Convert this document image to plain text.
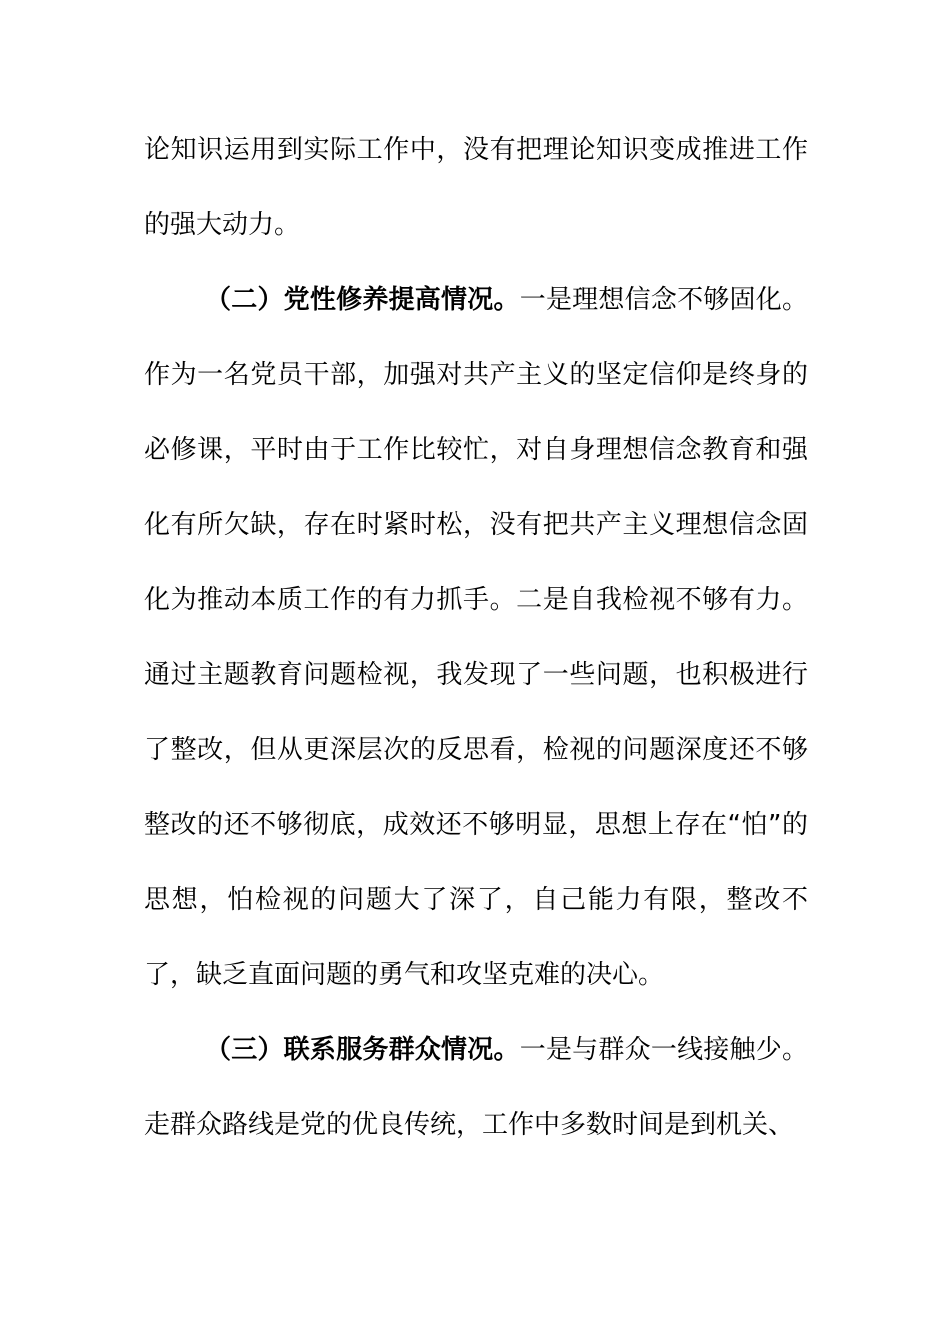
论知识运用到实际工作中，没有把理论知识变成推进工作的强大动力。

（二）党性修养提高情况。一是理想信念不够固化。作为一名党员干部，加强对共产主义的坚定信仰是终身的必修课，平时由于工作比较忙，对自身理想信念教育和强化有所欠缺，存在时紧时松，没有把共产主义理想信念固化为推动本质工作的有力抓手。二是自我检视不够有力。通过主题教育问题检视，我发现了一些问题，也积极进行了整改，但从更深层次的反思看，检视的问题深度还不够整改的还不够彻底，成效还不够明显，思想上存在“怕”的思想，怕检视的问题大了深了，自己能力有限，整改不了，缺乏直面问题的勇气和攻坚克难的决心。

（三）联系服务群众情况。一是与群众一线接触少。走群众路线是党的优良传统，工作中多数时间是到机关、
